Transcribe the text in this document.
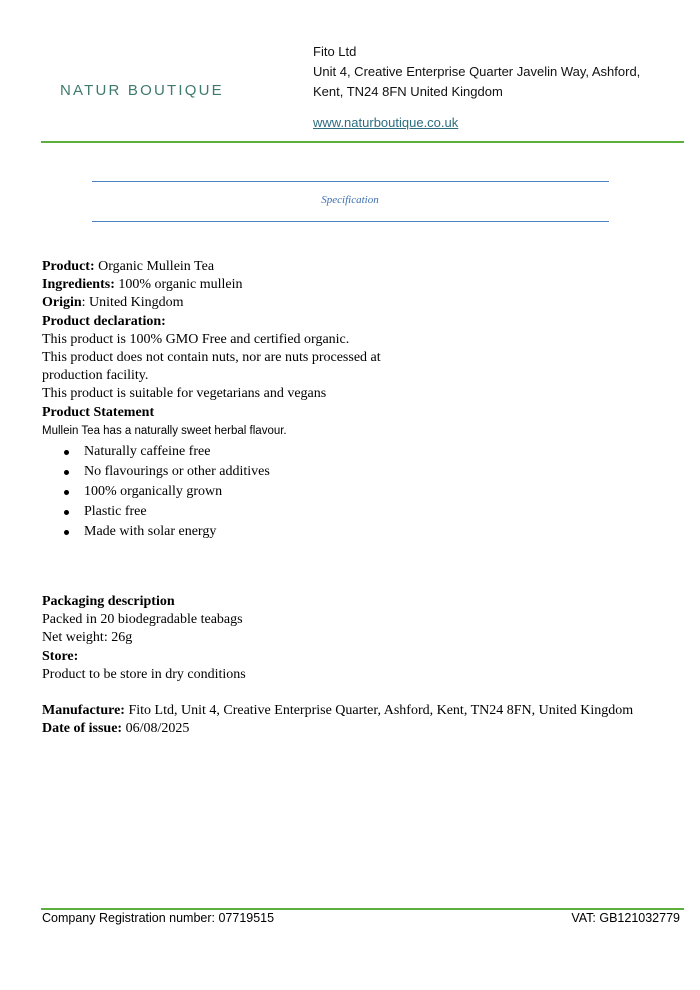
NATUR BOUTIQUE
Fito Ltd
Unit 4, Creative Enterprise Quarter Javelin Way, Ashford,
Kent, TN24 8FN United Kingdom
www.naturboutique.co.uk
Specification
Product: Organic Mullein Tea
Ingredients: 100% organic mullein
Origin: United Kingdom
Product declaration:
This product is 100% GMO Free and certified organic.
This product does not contain nuts, nor are nuts processed at
production facility.
This product is suitable for vegetarians and vegans
Product Statement
Mullein Tea has a naturally sweet herbal flavour.
Naturally caffeine free
No flavourings or other additives
100% organically grown
Plastic free
Made with solar energy
Packaging description
Packed in 20 biodegradable teabags
Net weight: 26g
Store:
Product to be store in dry conditions
Manufacture: Fito Ltd, Unit 4, Creative Enterprise Quarter, Ashford, Kent, TN24 8FN, United Kingdom
Date of issue: 06/08/2025
Company Registration number: 07719515	VAT: GB121032779
